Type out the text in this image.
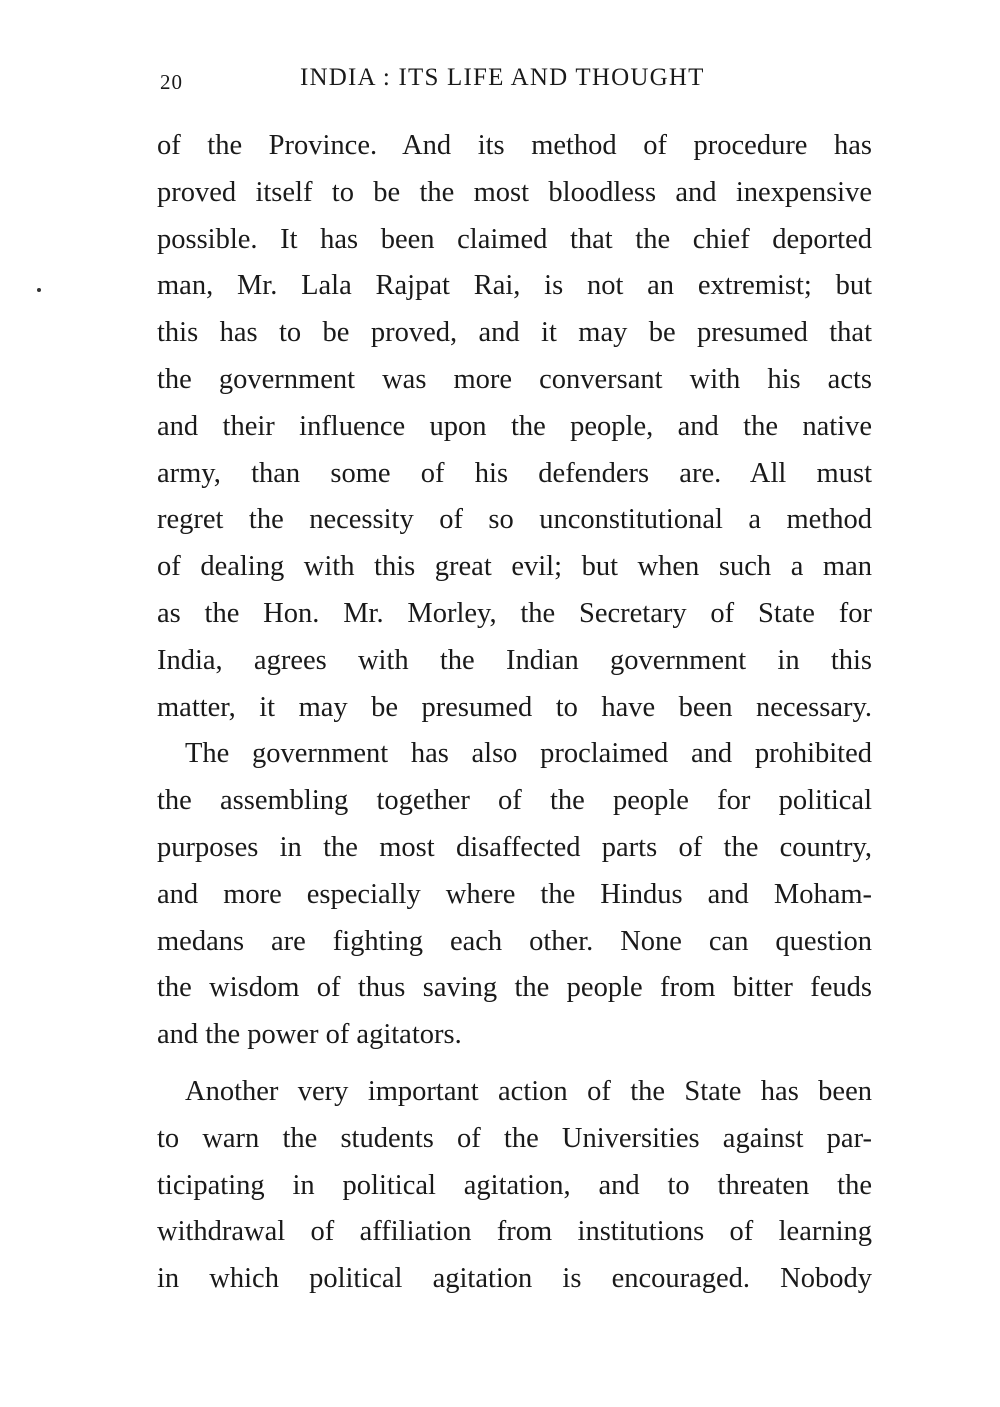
20	INDIA : ITS LIFE AND THOUGHT
of the Province. And its method of procedure has
proved itself to be the most bloodless and inexpensive
possible. It has been claimed that the chief deported
man, Mr. Lala Rajpat Rai, is not an extremist; but
this has to be proved, and it may be presumed that
the government was more conversant with his acts
and their influence upon the people, and the native
army, than some of his defenders are. All must
regret the necessity of so unconstitutional a method
of dealing with this great evil; but when such a man
as the Hon. Mr. Morley, the Secretary of State for
India, agrees with the Indian government in this
matter, it may be presumed to have been necessary.
The government has also proclaimed and prohibited
the assembling together of the people for political
purposes in the most disaffected parts of the country,
and more especially where the Hindus and Moham-
medans are fighting each other. None can question
the wisdom of thus saving the people from bitter feuds
and the power of agitators.
Another very important action of the State has been
to warn the students of the Universities against par-
ticipating in political agitation, and to threaten the
withdrawal of affiliation from institutions of learning
in which political agitation is encouraged. Nobody
